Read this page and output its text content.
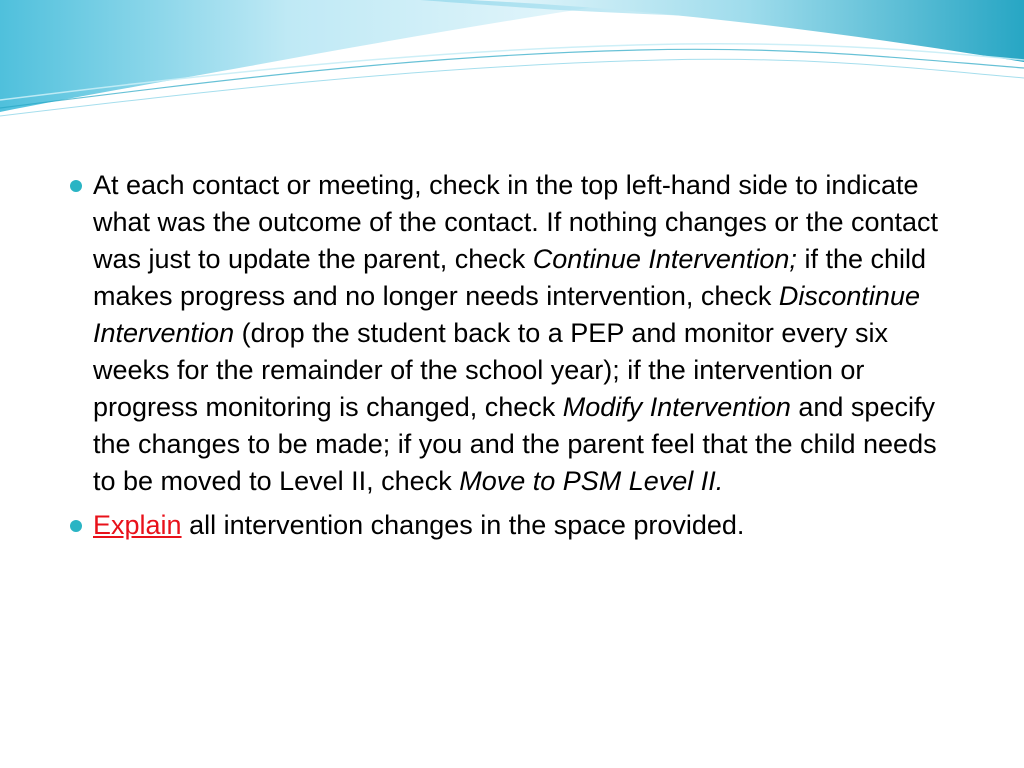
At each contact or meeting, check in the top left-hand side to indicate what was the outcome of the contact. If nothing changes or the contact was just to update the parent, check Continue Intervention; if the child makes progress and no longer needs intervention, check Discontinue Intervention (drop the student back to a PEP and monitor every six weeks for the remainder of the school year); if the intervention or progress monitoring is changed, check Modify Intervention and specify the changes to be made; if you and the parent feel that the child needs to be moved to Level II, check Move to PSM Level II.
Explain all intervention changes in the space provided.
